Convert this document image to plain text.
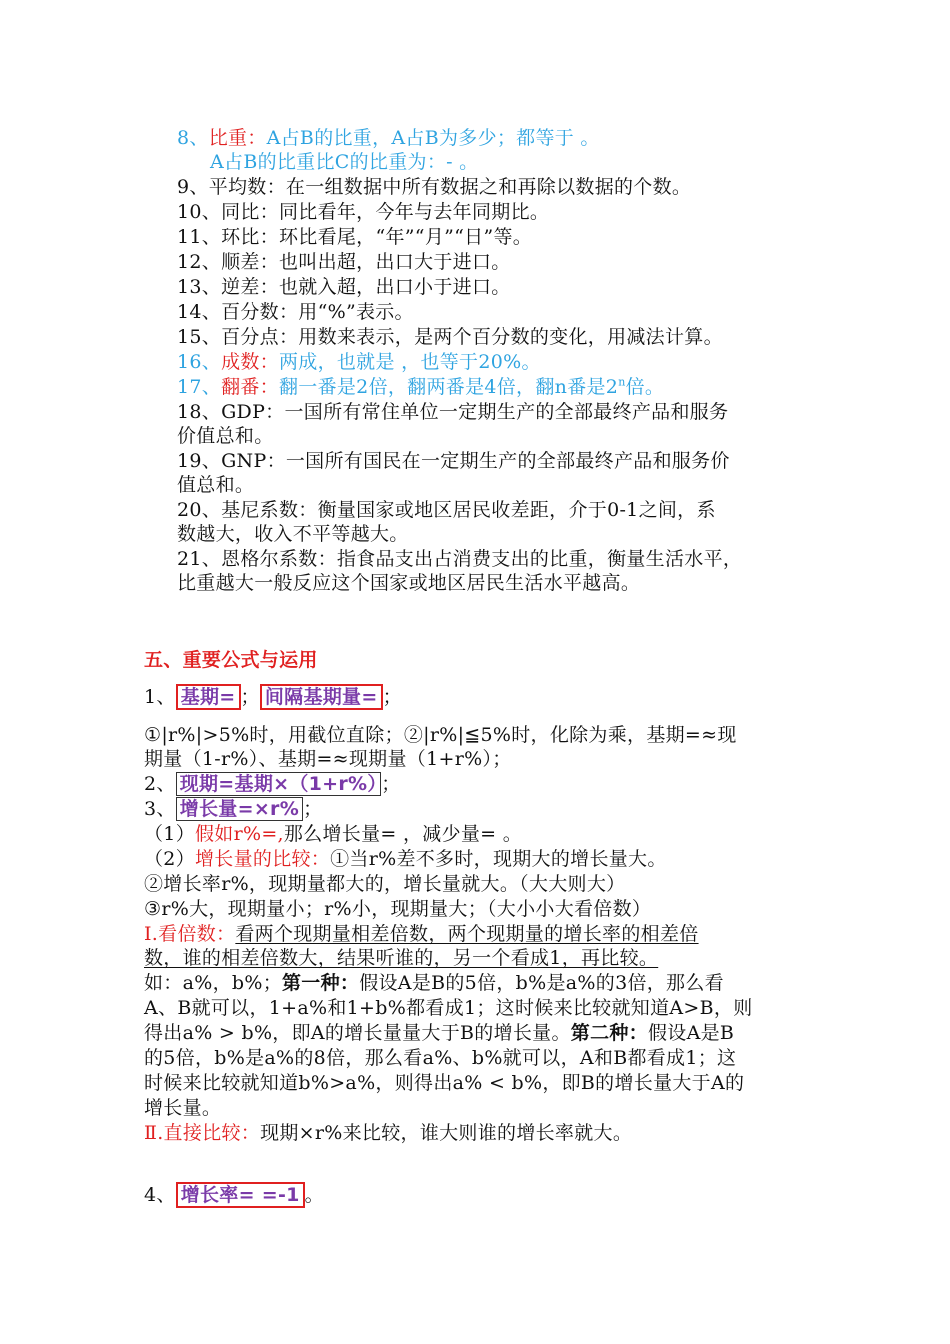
8、比重：A占B的比重，A占B为多少；都等于 。
A占B的比重比C的比重为：- 。
9、平均数：在一组数据中所有数据之和再除以数据的个数。
10、同比：同比看年，今年与去年同期比。
11、环比：环比看尾，“年”“月”“日”等。
12、顺差：也叫出超，出口大于进口。
13、逆差：也就入超，出口小于进口。
14、百分数：用“%”表示。
15、百分点：用数来表示，是两个百分数的变化，用减法计算。
16、成数：两成，也就是 ，也等于20%。
17、翻番：翻一番是2倍，翻两番是4倍，翻n番是2$^n$倍。
18、GDP：一国所有常住单位一定期生产的全部最终产品和服务
价值总和。
19、GNP：一国所有国民在一定期生产的全部最终产品和服务价
值总和。
20、基尼系数：衡量国家或地区居民收差距，介于0-1之间，系
数越大，收入不平等越大。
21、恩格尔系数：指食品支出占消费支出的比重，衡量生活水平，
比重越大一般反应这个国家或地区居民生活水平越高。
五、重要公式与运用
1、 基期= ； 间隔基期量= ；
①|r%|>5%时，用截位直除；②|r%|≦5%时，化除为乘，基期=≈现
期量（1-r%）、基期=≈现期量（1+r%）；
2、 现期=基期×（1+r%） ；
3、 增长量=×r% ；
（1）假如r%=,那么增长量= ，减少量= 。
（2）增长量的比较：①当r%差不多时，现期大的增长量大。
②增长率r%，现期量都大的，增长量就大。（大大则大）
③r%大，现期量小；r%小，现期量大；（大小小大看倍数）
Ⅰ.看倍数：看两个现期量相差倍数，两个现期量的增长率的相差倍
数，谁的相差倍数大，结果听谁的，另一个看成1，再比较。
如：a%，b%；第一种：假设A是B的5倍，b%是a%的3倍，那么看
A、B就可以，1+a%和1+b%都看成1；这时候来比较就知道A>B，则
得出a% > b%，即A的增长量量大于B的增长量。第二种：假设A是B
的5倍，b%是a%的8倍，那么看a%、b%就可以，A和B都看成1；这
时候来比较就知道b%>a%，则得出a% < b%，即B的增长量大于A的
增长量。
Ⅱ.直接比较：现期×r%来比较，谁大则谁的增长率就大。
4、 增长率= =-1 。
